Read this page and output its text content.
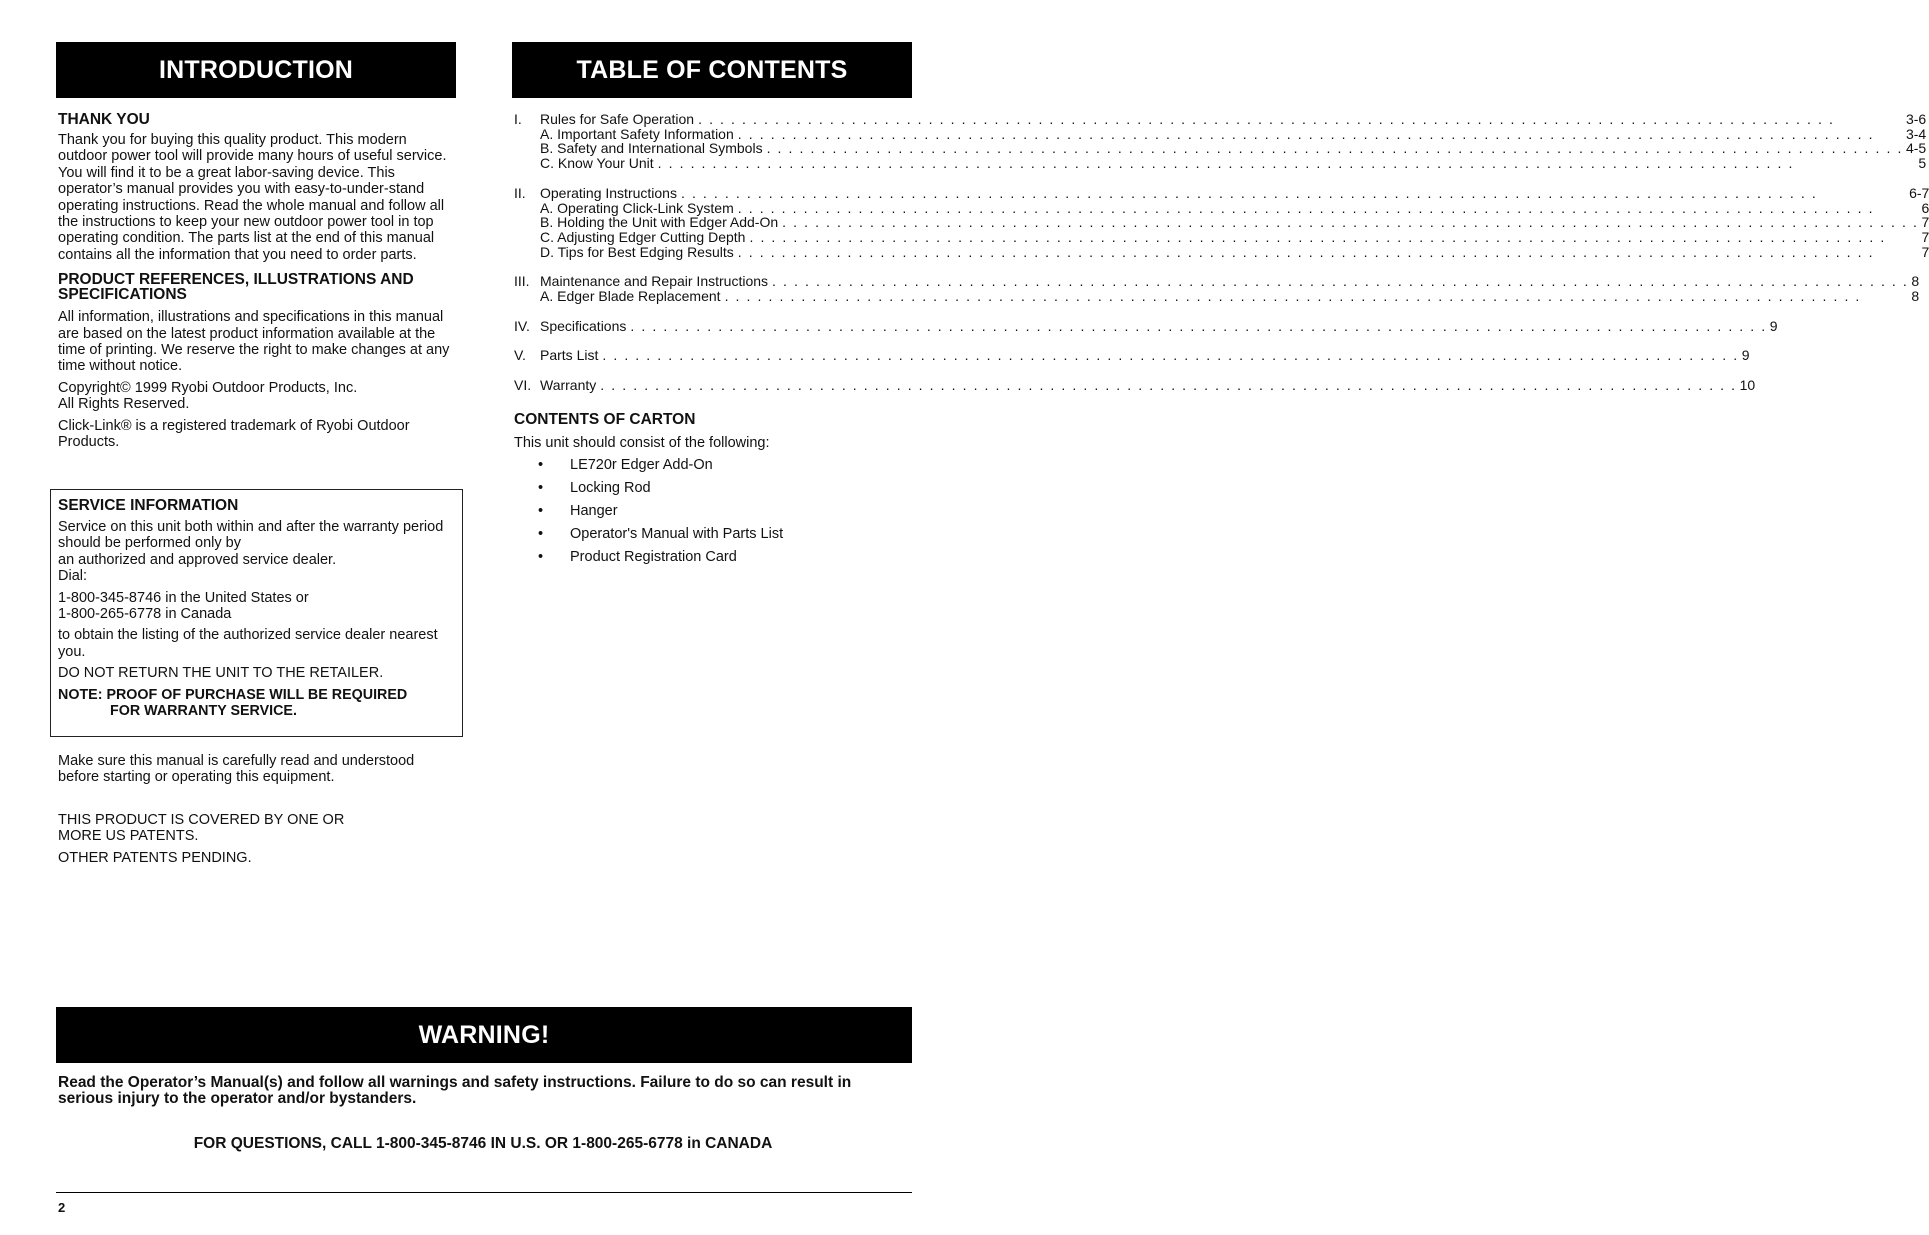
INTRODUCTION	TABLE OF CONTENTS
THANK YOU

Thank you for buying this quality product. This modern outdoor power tool will provide many hours of useful service. You will find it to be a great labor-saving device. This operator’s manual provides you with easy-to-under-stand operating instructions. Read the whole manual and follow all the instructions to keep your new outdoor power tool in top operating condition. The parts list at the end of this manual contains all the information that you need to order parts.

PRODUCT REFERENCES, ILLUSTRATIONS AND SPECIFICATIONS

All information, illustrations and specifications in this manual are based on the latest product information available at the time of printing. We reserve the right to make changes at any time without notice.

Copyright© 1999 Ryobi Outdoor Products, Inc.
All Rights Reserved.

Click-Link® is a registered trademark of Ryobi Outdoor Products.

SERVICE INFORMATION

Service on this unit both within and after the warranty period should be performed only by
an authorized and approved service dealer.
Dial:

1-800-345-8746 in the United States or
1-800-265-6778 in Canada

to obtain the listing of the authorized service dealer nearest you.

DO NOT RETURN THE UNIT TO THE RETAILER.

NOTE: PROOF OF PURCHASE WILL BE REQUIRED
FOR WARRANTY SERVICE.

Make sure this manual is carefully read and understood before starting or operating this equipment.

THIS PRODUCT IS COVERED BY ONE OR
MORE US PATENTS.

OTHER PATENTS PENDING.

I.	Rules for Safe Operation . . .	3-6
A. Important Safety Information . . .	3-4
B. Safety and International Symbols . . .	4-5
C. Know Your Unit . . .	5
II.	Operating Instructions . . .	6-7
A. Operating Click-Link System . . .	6
B. Holding the Unit with Edger Add-On . . .	7
C. Adjusting Edger Cutting Depth . . .	7
D. Tips for Best Edging Results . . .	7
III. Maintenance and Repair Instructions . . .	8
A. Edger Blade Replacement . . .	8
IV. Specifications . . .	9
V.	Parts List . . .	9
VI. Warranty . . .	10
CONTENTS OF CARTON
This unit should consist of the following:
•	LE720r Edger Add-On
•	Locking Rod
•	Hanger
•	Operator's Manual with Parts List
•	Product Registration Card
WARNING!
Read the Operator’s Manual(s) and follow all warnings and safety instructions. Failure to do so can result in serious injury to the operator and/or bystanders.
FOR QUESTIONS, CALL 1-800-345-8746 IN U.S. OR 1-800-265-6778 in CANADA
2
